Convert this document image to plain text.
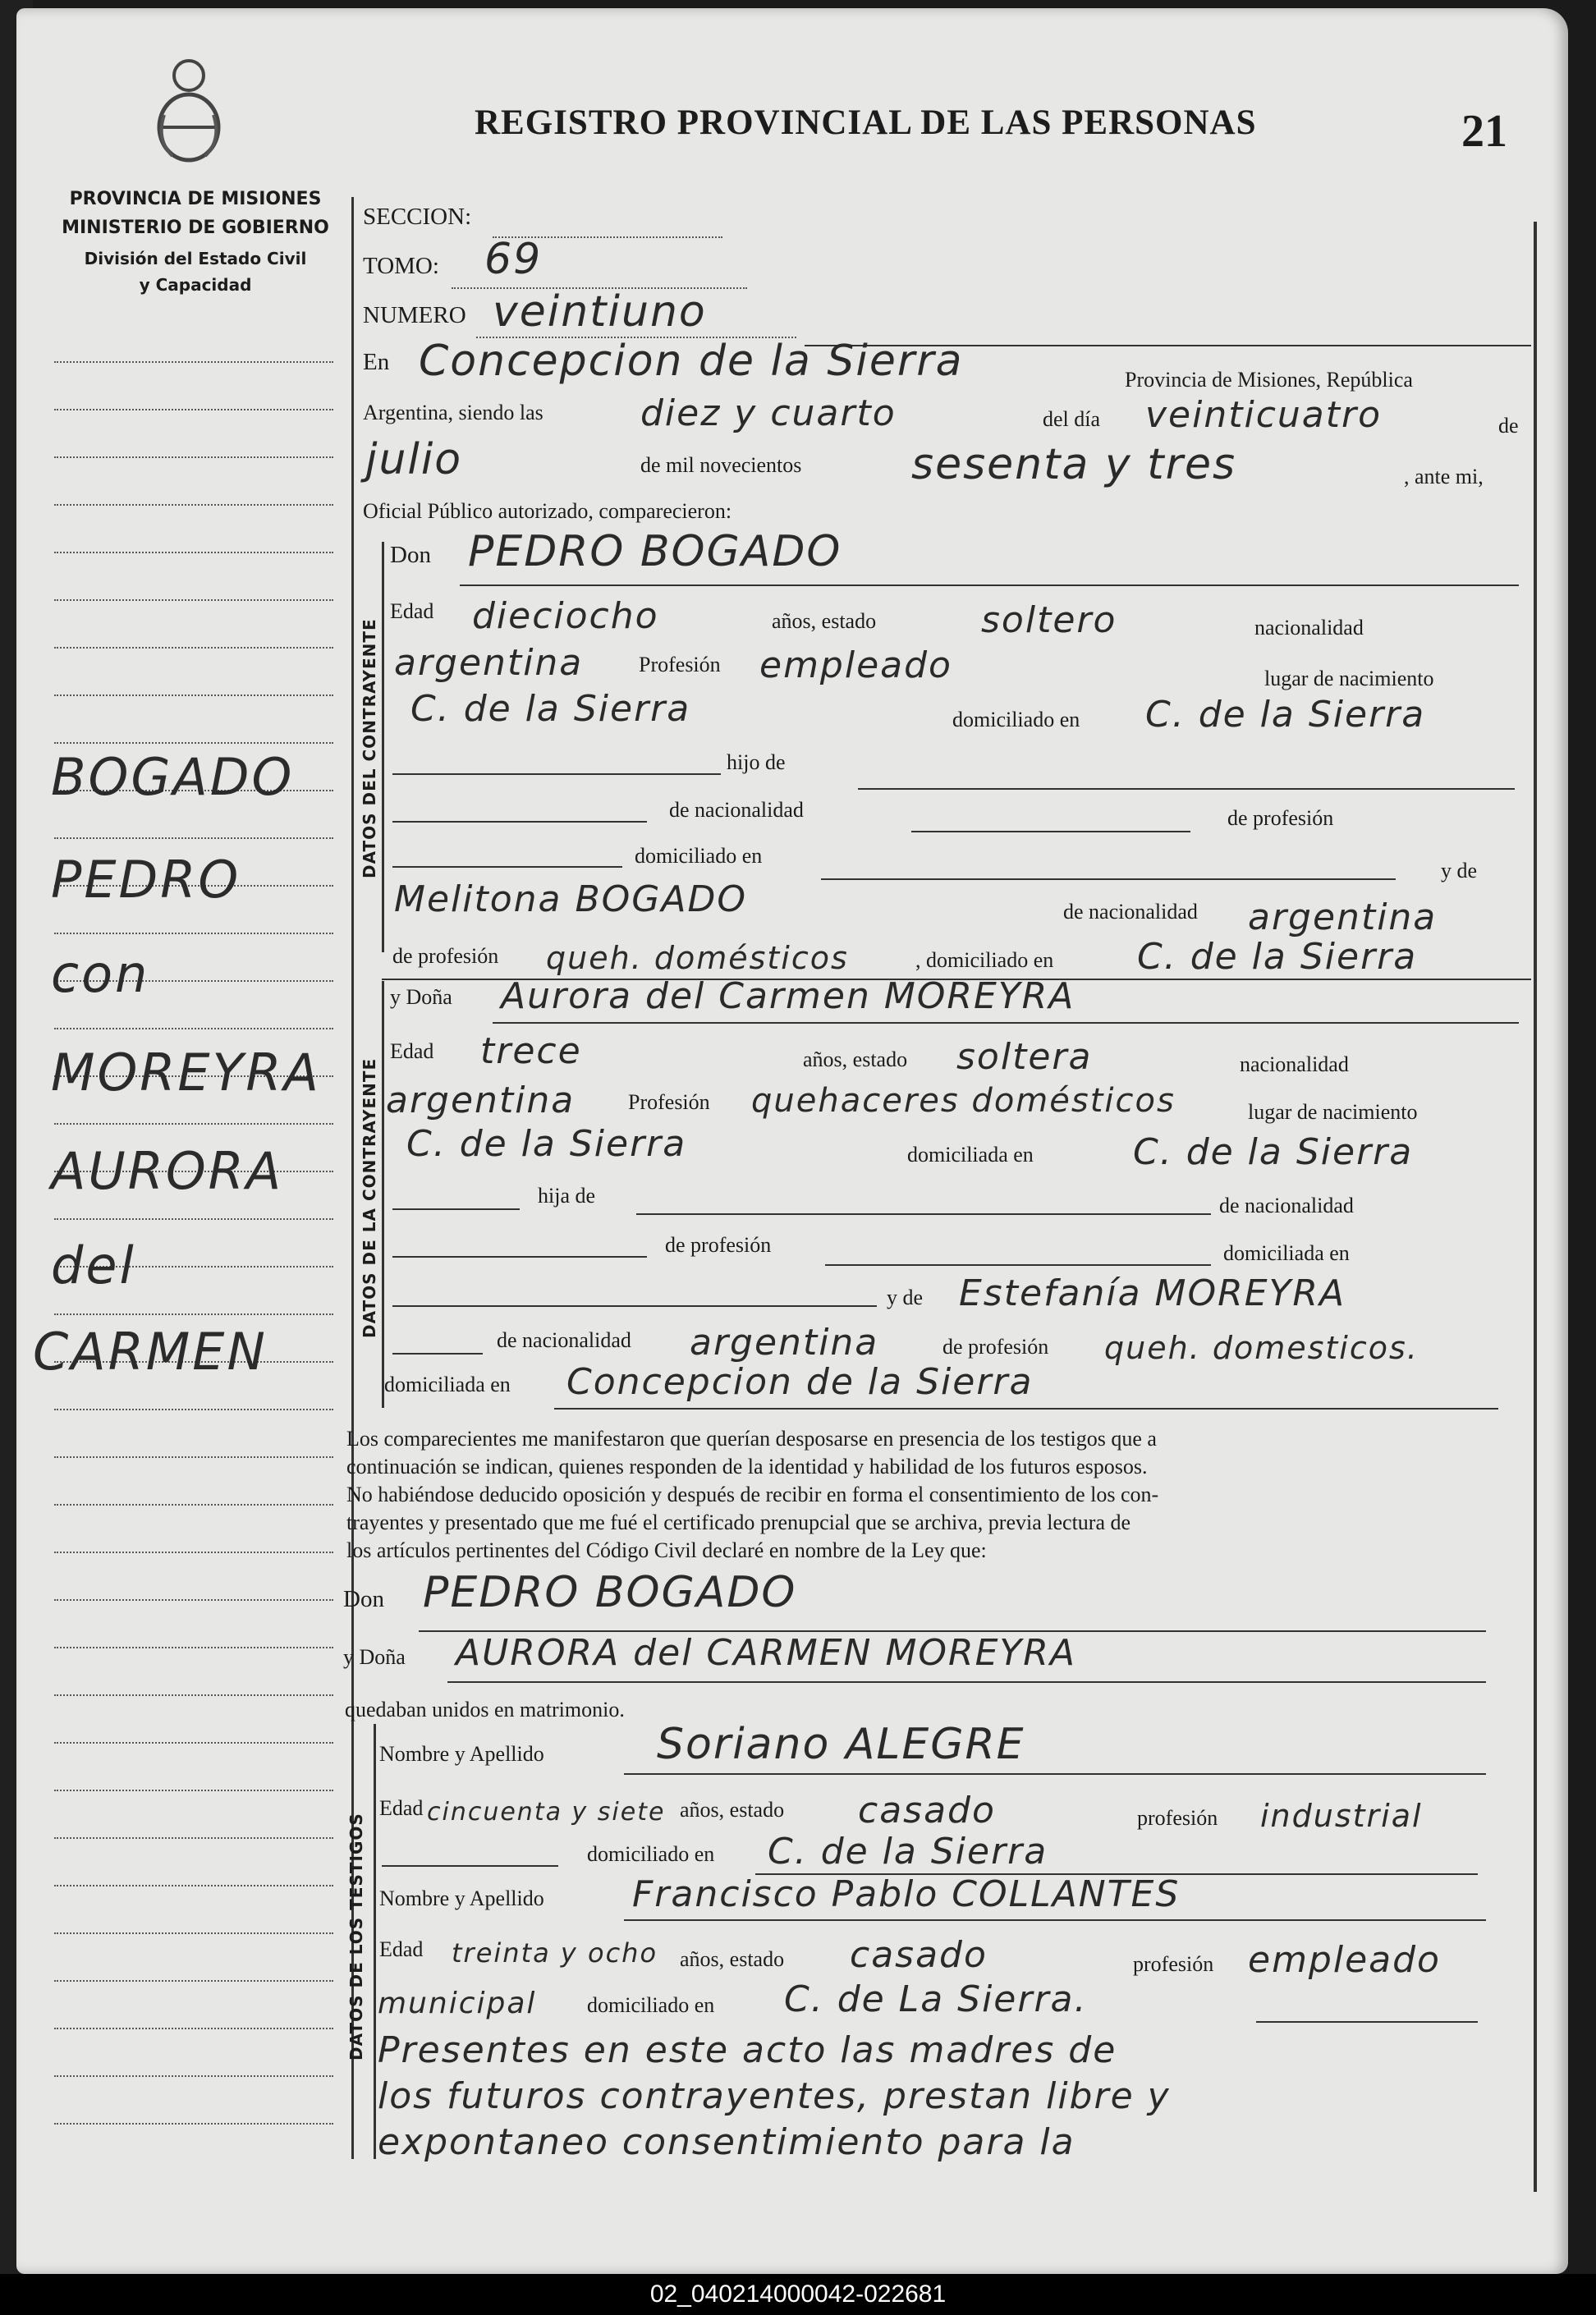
REGISTRO PROVINCIAL DE LAS PERSONAS	21
PROVINCIA DE MISIONES
MINISTERIO DE GOBIERNO
División del Estado Civil
y Capacidad
BOGADO
PEDRO
con
MOREYRA
AURORA
del
CARMEN
SECCION:
TOMO: 69
NUMERO veintiuno
En Concepcion de la Sierra	Provincia de Misiones, República
Argentina, siendo las	diez y cuarto	del día veinticuatro	de
julio	de mil novecientos	sesenta y tres	, ante mi,
Oficial Público autorizado, comparecieron:
DATOS DEL CONTRAYENTE
Don PEDRO BOGADO
Edad dieciocho	años, estado	soltero	nacionalidad
argentina	Profesión empleado	lugar de nacimiento
C. de la Sierra	domiciliado en C. de la Sierra
hijo de
de nacionalidad	de profesión
domiciliado en
y de
Melitona BOGADO	de nacionalidad argentina
de profesión queh. domésticos	, domiciliado en C. de la Sierra
DATOS DE LA CONTRAYENTE
y Doña Aurora del Carmen MOREYRA
Edad trece	años, estado soltera	nacionalidad
argentina Profesión quehaceres domésticos	lugar de nacimiento
C. de la Sierra	domiciliada en	C. de la Sierra
hija de	de nacionalidad
de profesión	domiciliada en
y de Estefanía MOREYRA
de nacionalidad argentina	de profesión queh. domesticos.
domiciliada en Concepcion de la Sierra
Los comparecientes me manifestaron que querían desposarse en presencia de los testigos que a
continuación se indican, quienes responden de la identidad y habilidad de los futuros esposos.
No habiéndose deducido oposición y después de recibir en forma el consentimiento de los con-
trayentes y presentado que me fué el certificado prenupcial que se archiva, previa lectura de
los artículos pertinentes del Código Civil declaré en nombre de la Ley que:
Don PEDRO BOGADO
y Doña AURORA del CARMEN MOREYRA
quedaban unidos en matrimonio.
DATOS DE LOS TESTIGOS
Nombre y Apellido	Soriano ALEGRE
Edad cincuenta y siete años, estado casado	profesión industrial
domiciliado en C. de la Sierra
Nombre y Apellido Francisco Pablo COLLANTES
Edad treinta y ocho años, estado casado	profesión empleado
municipal domiciliado en C. de La Sierra.
Presentes en este acto las madres de
los futuros contrayentes, prestan libre y
expontaneo consentimiento para la
02_040214000042-022681
